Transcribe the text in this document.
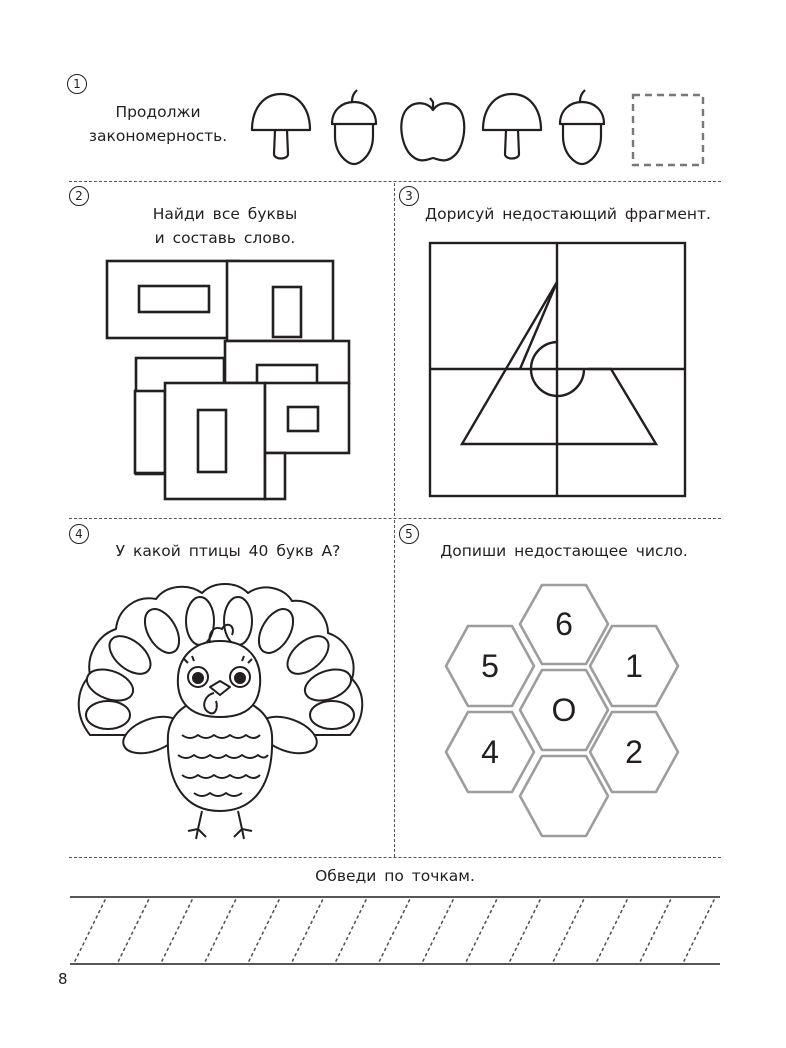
1
Продолжи закономерность.
2
Найди все буквы
и составь слово.
3
Дорисуй недостающий фрагмент.
4
У какой птицы 40 букв А?
5
Допиши недостающее число.
6
5	1
О
4	2
Обведи по точкам.
8
